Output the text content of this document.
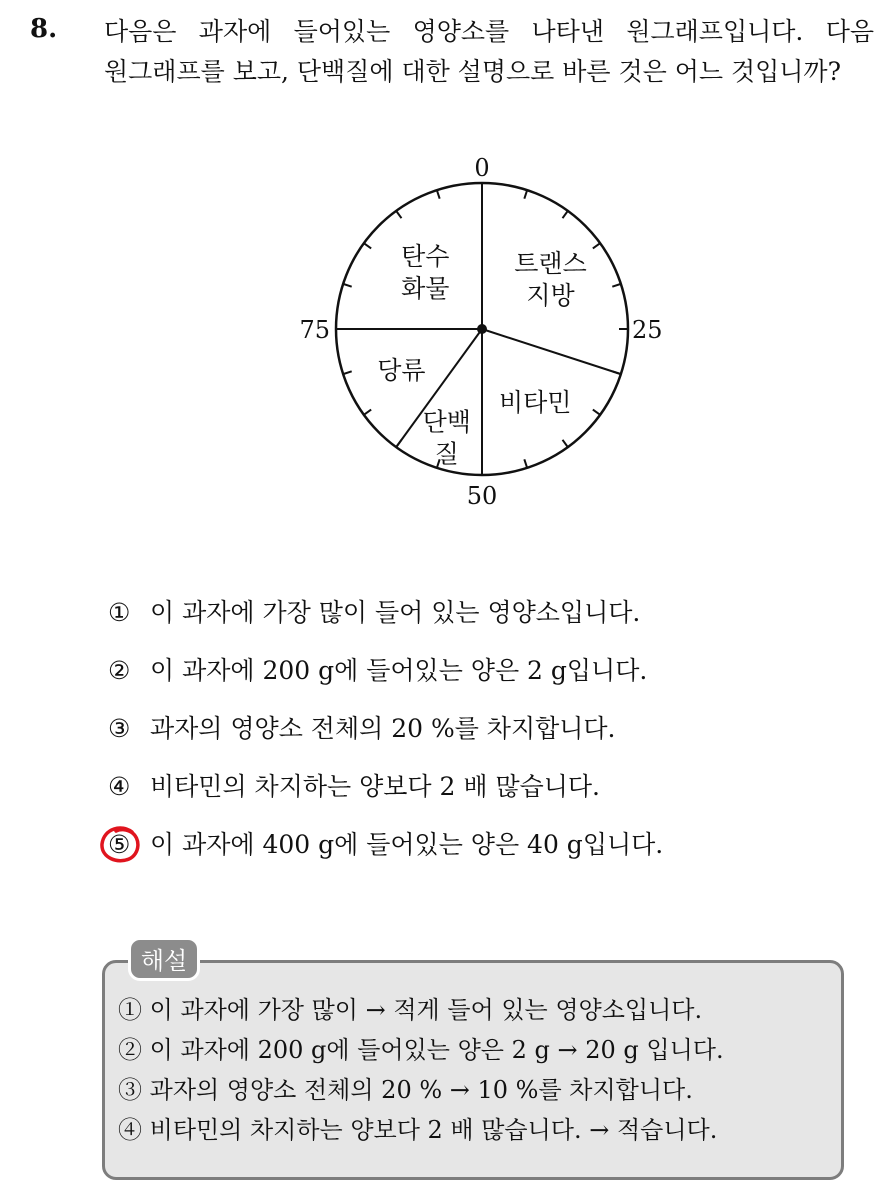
8. 다음은 과자에 들어있는 영양소를 나타낸 원그래프입니다. 다음
원그래프를 보고, 단백질에 대한 설명으로 바른 것은 어느 것입니까?
트랜스 지방
비타민
단백 질
당류
탄수 화물
0
25
50
75
① 이 과자에 가장 많이 들어 있는 영양소입니다.
② 이 과자에 200 g에 들어있는 양은 2 g입니다.
③ 과자의 영양소 전체의 20 %를 차지합니다.
④ 비타민의 차지하는 양보다 2 배 많습니다.
⑤ 이 과자에 400 g에 들어있는 양은 40 g입니다.
해설
① 이 과자에 가장 많이 → 적게 들어 있는 영양소입니다.
② 이 과자에 200 g에 들어있는 양은 2 g → 20 g 입니다.
③ 과자의 영양소 전체의 20 % → 10 %를 차지합니다.
④ 비타민의 차지하는 양보다 2 배 많습니다. → 적습니다.
